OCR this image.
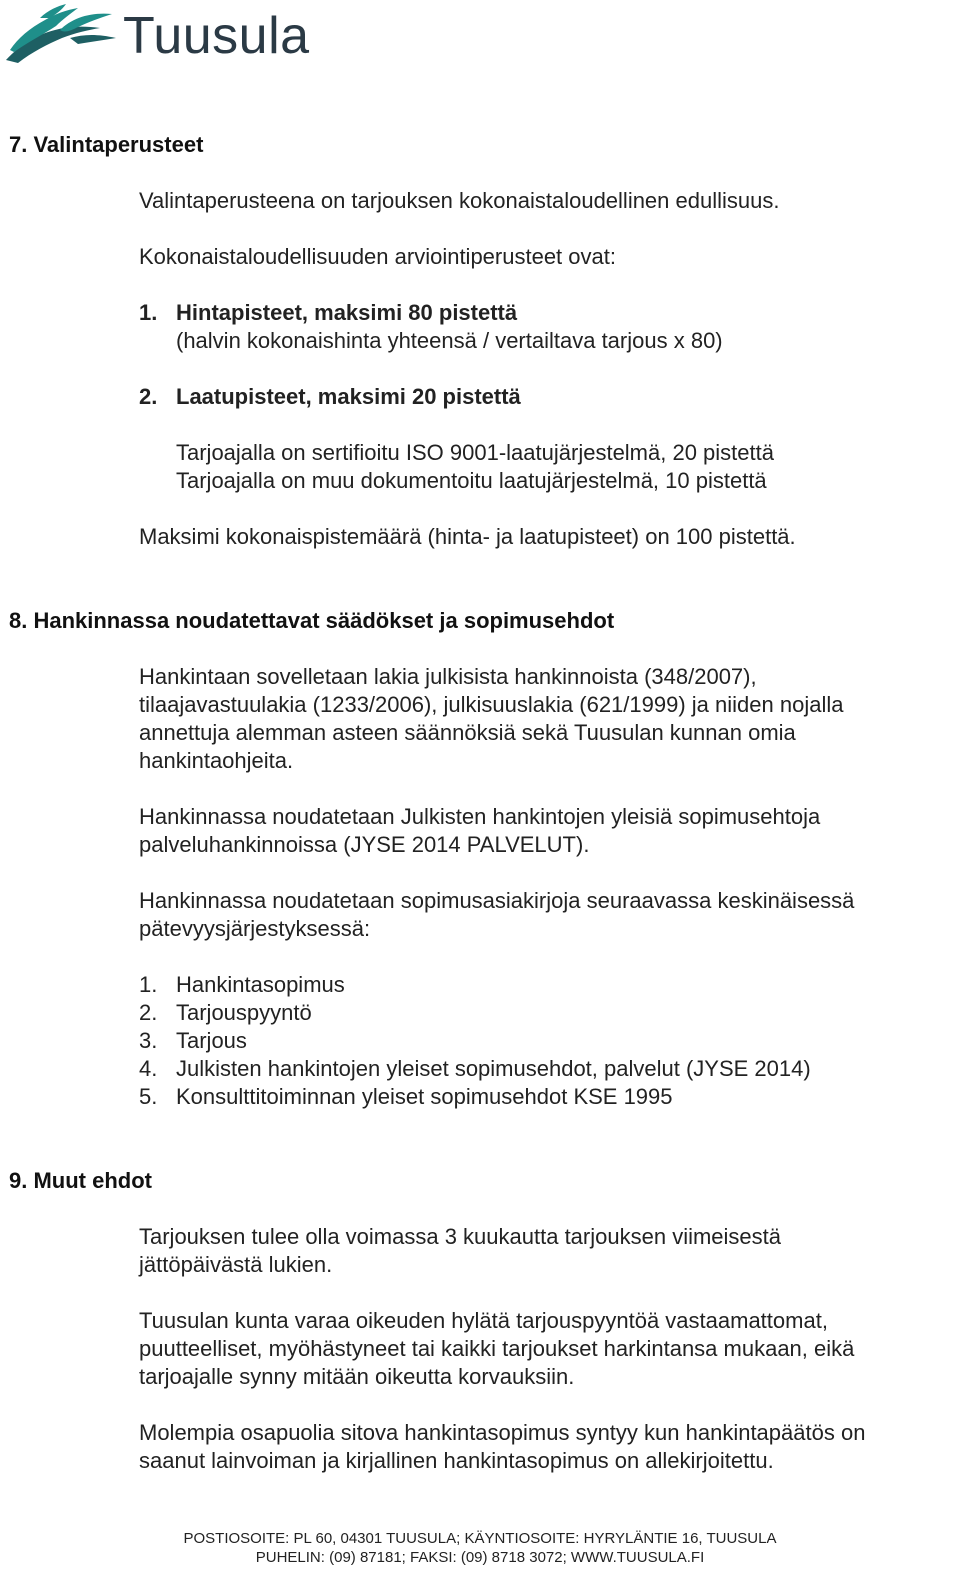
Tuusula
7. Valintaperusteet
Valintaperusteena on tarjouksen kokonaistaloudellinen edullisuus.
Kokonaistaloudellisuuden arviointiperusteet ovat:
1. Hintapisteet, maksimi 80 pistettä
(halvin kokonaishinta yhteensä / vertailtava tarjous x 80)
2. Laatupisteet, maksimi 20 pistettä
Tarjoajalla on sertifioitu ISO 9001-laatujärjestelmä, 20 pistettä
Tarjoajalla on muu dokumentoitu laatujärjestelmä, 10 pistettä
Maksimi kokonaispistemäärä (hinta- ja laatupisteet) on 100 pistettä.
8. Hankinnassa noudatettavat säädökset ja sopimusehdot
Hankintaan sovelletaan lakia julkisista hankinnoista (348/2007),
tilaajavastuulakia (1233/2006), julkisuuslakia (621/1999) ja niiden nojalla
annettuja alemman asteen säännöksiä sekä Tuusulan kunnan omia
hankintaohjeita.
Hankinnassa noudatetaan Julkisten hankintojen yleisiä sopimusehtoja
palveluhankinnoissa (JYSE 2014 PALVELUT).
Hankinnassa noudatetaan sopimusasiakirjoja seuraavassa keskinäisessä
pätevyysjärjestyksessä:
1. Hankintasopimus
2. Tarjouspyyntö
3. Tarjous
4. Julkisten hankintojen yleiset sopimusehdot, palvelut (JYSE 2014)
5. Konsulttitoiminnan yleiset sopimusehdot KSE 1995
9. Muut ehdot
Tarjouksen tulee olla voimassa 3 kuukautta tarjouksen viimeisestä
jättöpäivästä lukien.
Tuusulan kunta varaa oikeuden hylätä tarjouspyyntöä vastaamattomat,
puutteelliset, myöhästyneet tai kaikki tarjoukset harkintansa mukaan, eikä
tarjoajalle synny mitään oikeutta korvauksiin.
Molempia osapuolia sitova hankintasopimus syntyy kun hankintapäätös on
saanut lainvoiman ja kirjallinen hankintasopimus on allekirjoitettu.
POSTIOSOITE: PL 60, 04301 TUUSULA; KÄYNTIOSOITE: HYRYLÄNTIE 16, TUUSULA
PUHELIN: (09) 87181; FAKSI: (09) 8718 3072; WWW.TUUSULA.FI
